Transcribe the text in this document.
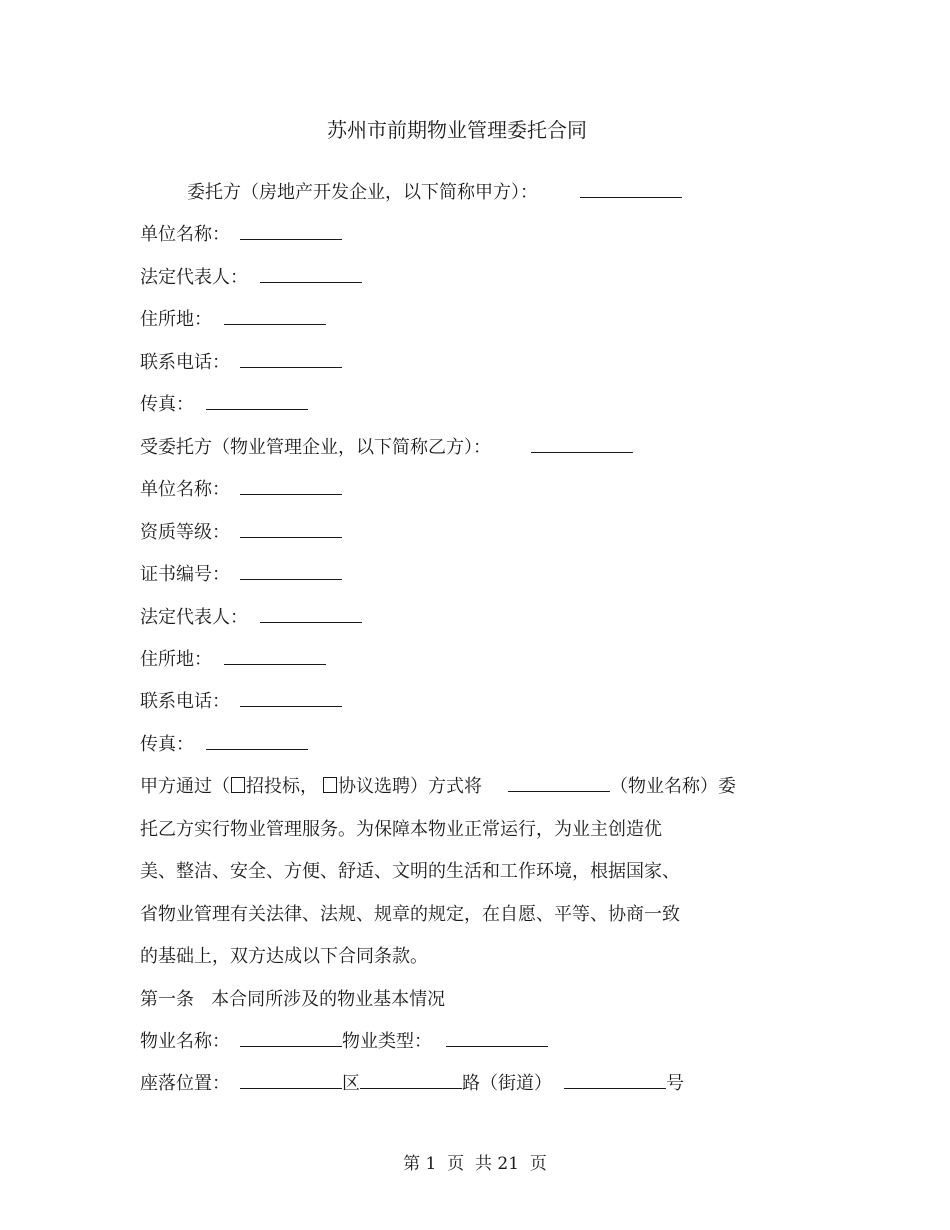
苏州市前期物业管理委托合同
委托方（房地产开发企业，以下简称甲方）：
单位名称：
法定代表人：
住所地：
联系电话：
传真：
受委托方（物业管理企业，以下简称乙方）：
单位名称：
资质等级：
证书编号：
法定代表人：
住所地：
联系电话：
传真：
甲方通过（ 招投标， 协议选聘）方式将	（物业名称）委
托乙方实行物业管理服务。为保障本物业正常运行，为业主创造优
美、整洁、安全、方便、舒适、文明的生活和工作环境，根据国家、
省物业管理有关法律、法规、规章的规定，在自愿、平等、协商一致
的基础上，双方达成以下合同条款。
第一条   本合同所涉及的物业基本情况
物业名称：	物业类型：
座落位置：	区	路（街道）	号
第 1  页  共 21  页
